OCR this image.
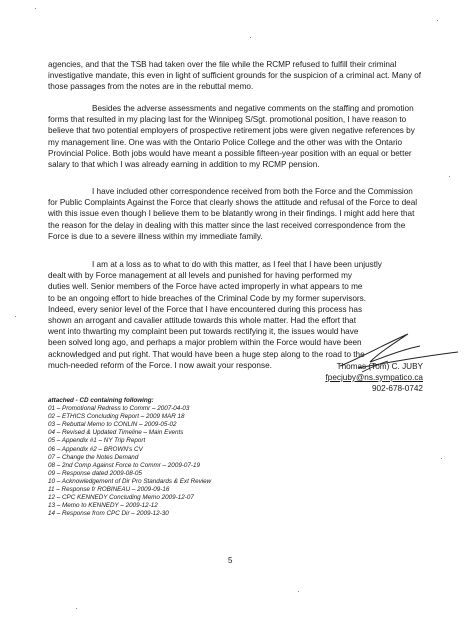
agencies, and that the TSB had taken over the file while the RCMP refused to fulfill their criminal investigative mandate, this even in light of sufficient grounds for the suspicion of a criminal act. Many of those passages from the notes are in the rebuttal memo.

Besides the adverse assessments and negative comments on the staffing and promotion forms that resulted in my placing last for the Winnipeg S/Sgt. promotional position, I have reason to believe that two potential employers of prospective retirement jobs were given negative references by my management line. One was with the Ontario Police College and the other was with the Ontario Provincial Police. Both jobs would have meant a possible fifteen-year position with an equal or better salary to that which I was already earning in addition to my RCMP pension.

I have included other correspondence received from both the Force and the Commission for Public Complaints Against the Force that clearly shows the attitude and refusal of the Force to deal with this issue even though I believe them to be blatantly wrong in their findings. I might add here that the reason for the delay in dealing with this matter since the last received correspondence from the Force is due to a severe illness within my immediate family.

I am at a loss as to what to do with this matter, as I feel that I have been unjustly
dealt with by Force management at all levels and punished for having performed my
duties well. Senior members of the Force have acted improperly in what appears to me
to be an ongoing effort to hide breaches of the Criminal Code by my former supervisors.
Indeed, every senior level of the Force that I have encountered during this process has
shown an arrogant and cavalier attitude towards this whole matter. Had the effort that
went into thwarting my complaint been put towards rectifying it, the issues would have
been solved long ago, and perhaps a major problem within the Force would have been
acknowledged and put right. That would have been a huge step along to the road to the
much-needed reform of the Force. I now await your response.	Thomas (Tom) C. JUBY
fpecjuby@ns.sympatico.ca
902-678-0742
attached - CD containing following:
01 – Promotional Redress to Commr – 2007-04-03
02 – ETHICS Concluding Report – 2009 MAR 18
03 – Rebuttal Memo to CONLIN – 2009-05-02
04 – Revised & Updated Timeline – Main Events
05 – Appendix #1 – NY Trip Report
06 – Appendix #2 – BROWN's CV
07 – Change the Notes Demand
08 – 2nd Comp Against Force to Commr – 2009-07-19
09 – Response dated 2009-08-05
10 – Acknowledgement of Dir Pro Standards & Ext Review
11 – Response fr ROBINEAU – 2009-09-16
12 – CPC KENNEDY Concluding Memo 2009-12-07
13 – Memo to KENNEDY – 2009-12-12
14 – Response from CPC Dir – 2009-12-30
5
